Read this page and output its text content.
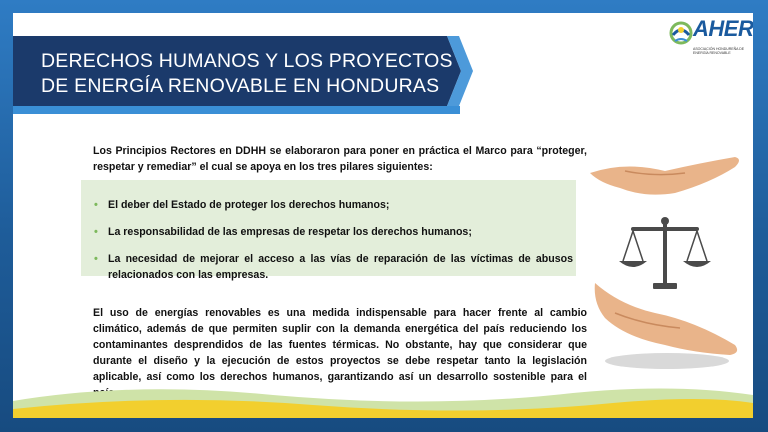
DERECHOS HUMANOS Y LOS PROYECTOS
DE ENERGÍA RENOVABLE EN HONDURAS
AHER
ASOCIACIÓN HONDUREÑA DE ENERGÍA RENOVABLE
Los Principios Rectores en DDHH se elaboraron para poner en práctica el Marco para “proteger, respetar y remediar” el cual se apoya en los tres pilares siguientes:
• El deber del Estado de proteger los derechos humanos;
• La responsabilidad de las empresas de respetar los derechos humanos;
• La necesidad de mejorar el acceso a las vías de reparación de las víctimas de abusos relacionados con las empresas.
El uso de energías renovables es una medida indispensable para hacer frente al cambio climático, además de que permiten suplir con la demanda energética del país reduciendo los contaminantes desprendidos de las fuentes térmicas. No obstante, hay que considerar que durante el diseño y la ejecución de estos proyectos se debe respetar tanto la legislación aplicable, así como los derechos humanos, garantizando así un desarrollo sostenible para el
